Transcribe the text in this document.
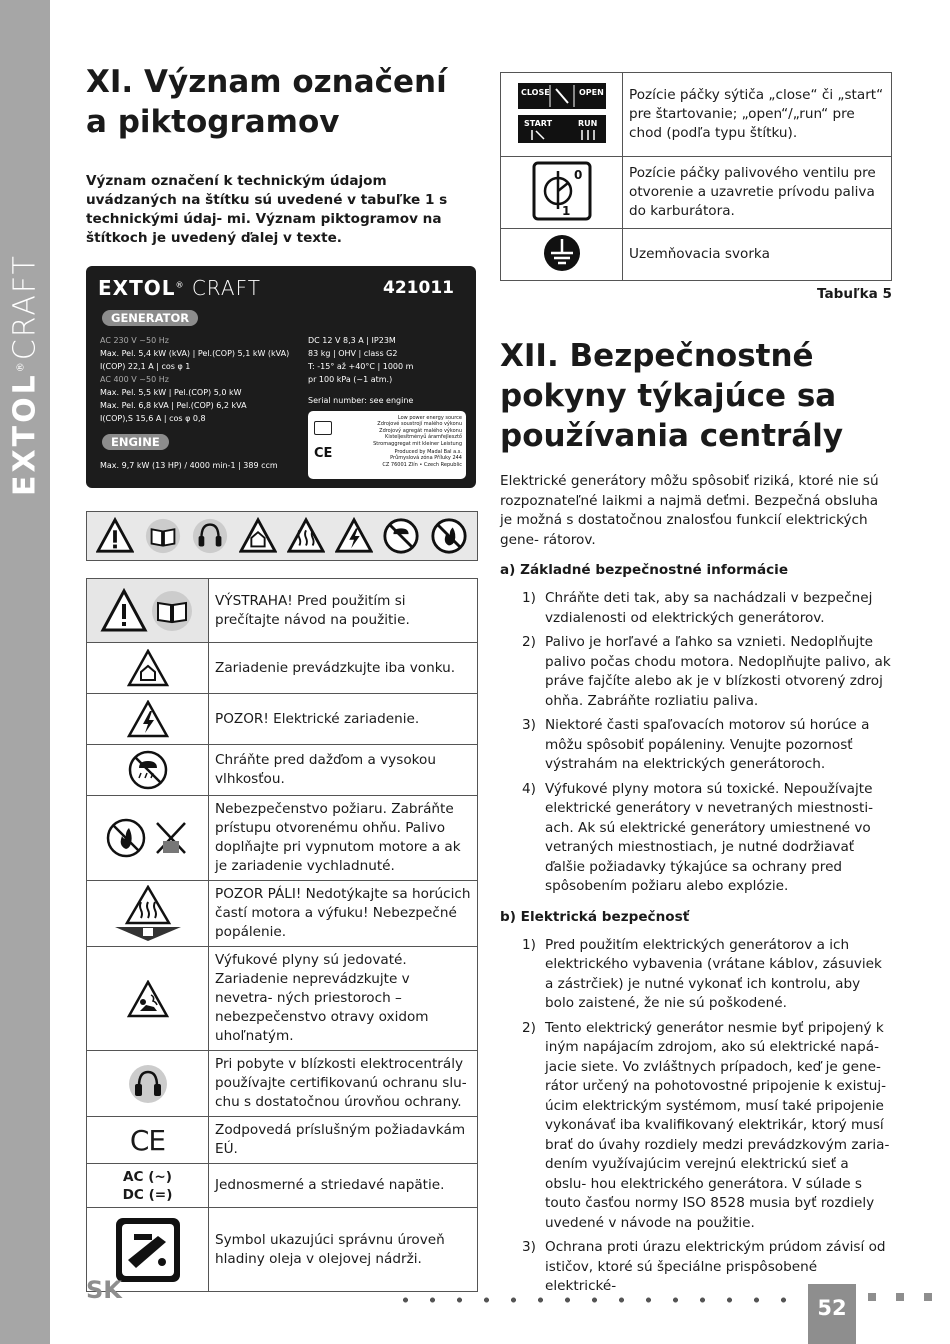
EXTOL®CRAFT
XI. Význam označení
a piktogramov

Význam označení k technickým údajom uvádzaných na štítku sú uvedené v tabuľke 1 s technickými údaj- mi. Význam piktogramov na štítkoch je uvedený ďalej v texte.

EXTOL® CRAFT	421011
GENERATOR
AC 230 V ~50 Hz
Max. Pel. 5,4 kW (kVA) | Pel.(COP) 5,1 kW (kVA)
I(COP) 22,1 A | cos φ 1
AC 400 V ~50 Hz
Max. Pel. 5,5 kW | Pel.(COP) 5,0 kW
Max. Pel. 6,8 kVA | Pel.(COP) 6,2 kVA
I(COP),S 15,6 A | cos φ 0,8
ENGINE
Max. 9,7 kW (13 HP) / 4000 min-1 | 389 ccm
DC 12 V 8,3 A | IP23M
83 kg | OHV | class G2
T: -15° až +40°C | 1000 m
pr 100 kPa (~1 atm.)
Serial number: see engine
CE
Low power energy source
Zdrojové soustrojí malého výkonu
Zdrojový agregát malého výkonu
Kisteljesítményű áramfejlesztő
Stromaggregat mit kleiner Leistung
Produced by Madal Bal a.s.
Průmyslová zóna Příluky 244
CZ 76001 Zlín • Czech Republic
	VÝSTRAHA! Pred použitím si prečítajte návod na použitie.
	Zariadenie prevádzkujte iba vonku.
	POZOR! Elektrické zariadenie.
	Chráňte pred dažďom a vysokou vlhkosťou.
	Nebezpečenstvo požiaru. Zabráňte prístupu otvorenému ohňu. Palivo doplňajte pri vypnutom motore a ak je zariadenie vychladnuté.
	POZOR PÁLI! Nedotýkajte sa horúcich častí motora a výfuku! Nebezpečné popálenie.
	Výfukové plyny sú jedovaté. Zariadenie neprevádzkujte v nevetra- ných priestoroch – nebezpečenstvo otravy oxidom uhoľnatým.
	Pri pobyte v blízkosti elektrocentrály používajte certifikovanú ochranu slu- chu s dostatočnou úrovňou ochrany.
CE	Zodpovedá príslušným požiadavkám EÚ.

AC (~)
DC (=)	Jednosmerné a striedavé napätie.
	Symbol ukazujúci správnu úroveň hladiny oleja v olejovej nádrži.
CLOSE OPEN
START RUN	Pozície páčky sýtiča „close“ či „start“ pre štartovanie; „open“/„run“ pre chod (podľa typu štítku).

0
1	Pozície páčky palivového ventilu pre otvorenie a uzavretie prívodu paliva do karburátora.
	Uzemňovacia svorka
Tabuľka 5
XII. Bezpečnostné
pokyny týkajúce sa
používania centrály

Elektrické generátory môžu spôsobiť riziká, ktoré nie sú rozpoznateľné laikmi a najmä deťmi. Bezpečná obsluha je možná s dostatočnou znalosťou funkcií elektrických gene- rátorov.

a) Základné bezpečnostné informácie
1) Chráňte deti tak, aby sa nachádzali v bezpečnej vzdialenosti od elektrických generátorov.
2) Palivo je horľavé a ľahko sa vznieti. Nedoplňujte palivo počas chodu motora. Nedoplňujte palivo, ak práve fajčíte alebo ak je v blízkosti otvorený zdroj ohňa. Zabráňte rozliatiu paliva.
3) Niektoré časti spaľovacích motorov sú horúce a môžu spôsobiť popáleniny. Venujte pozornosť výstrahám na elektrických generátoroch.
4) Výfukové plyny motora sú toxické. Nepoužívajte elektrické generátory v nevetraných miestnosti- ach. Ak sú elektrické generátory umiestnené vo vetraných miestnostiach, je nutné dodržiavať ďalšie požiadavky týkajúce sa ochrany pred spôsobením požiaru alebo explózie.
b) Elektrická bezpečnosť
1) Pred použitím elektrických generátorov a ich elektrického vybavenia (vrátane káblov, zásuviek a zástrčiek) je nutné vykonať ich kontrolu, aby bolo zaistené, že nie sú poškodené.
2) Tento elektrický generátor nesmie byť pripojený k iným napájacím zdrojom, ako sú elektrické napá- jacie siete. Vo zvláštnych prípadoch, keď je gene- rátor určený na pohotovostné pripojenie k existuj- úcim elektrickým systémom, musí také pripojenie vykonávať iba kvalifikovaný elektrikár, ktorý musí brať do úvahy rozdiely medzi prevádzkovým zaria- dením využívajúcim verejnú elektrickú sieť a obslu- hou elektrického generátora. V súlade s touto časťou normy ISO 8528 musia byť rozdiely uvedené v návode na použitie.
3) Ochrana proti úrazu elektrickým prúdom závisí od ističov, ktoré sú špeciálne prispôsobené elektrické-
SK
52
